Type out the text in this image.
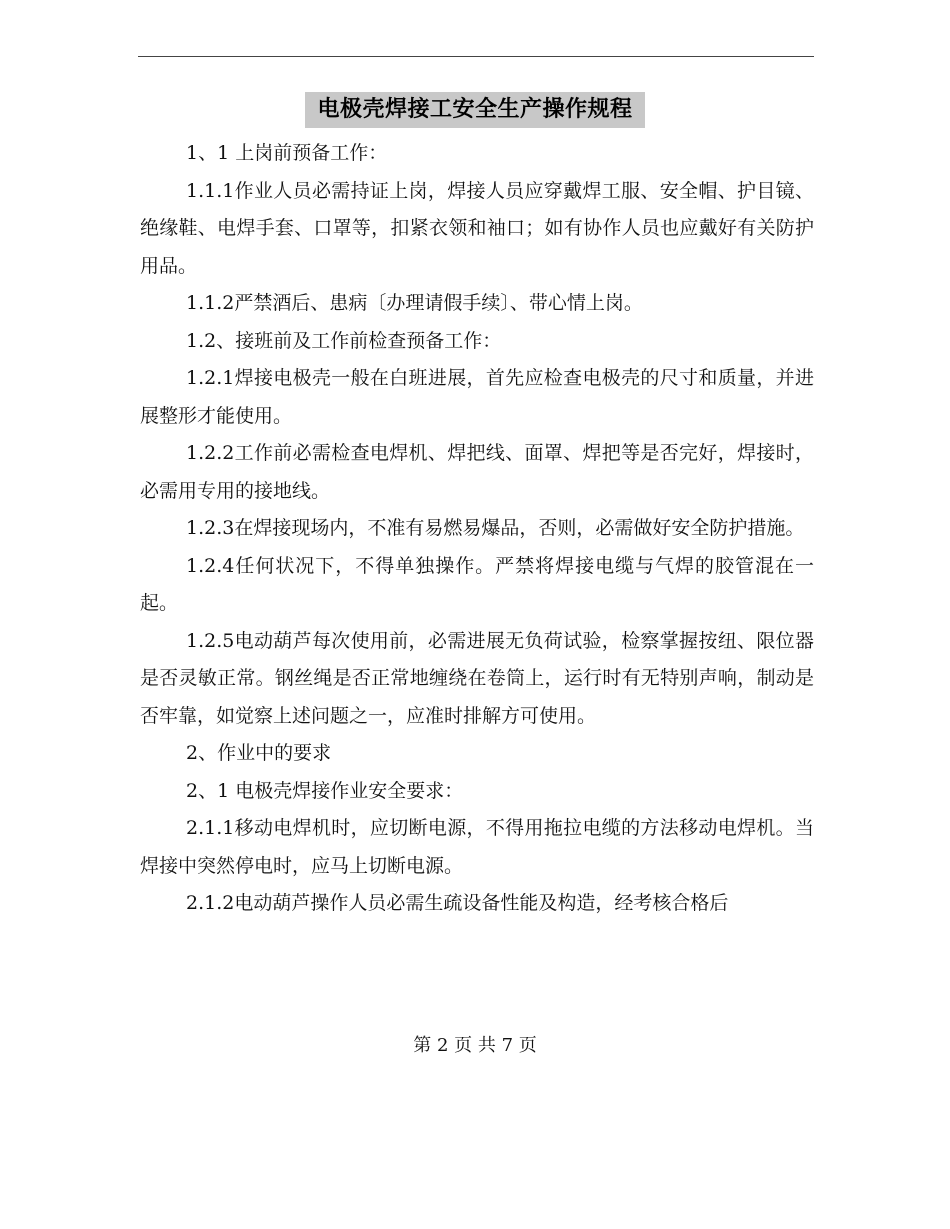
电极壳焊接工安全生产操作规程

1、1 上岗前预备工作：

1.1.1作业人员必需持证上岗，焊接人员应穿戴焊工服、安全帽、护目镜、绝缘鞋、电焊手套、口罩等，扣紧衣领和袖口；如有协作人员也应戴好有关防护用品。

1.1.2严禁酒后、患病〔办理请假手续〕、带心情上岗。

1.2、接班前及工作前检查预备工作：

1.2.1焊接电极壳一般在白班进展，首先应检查电极壳的尺寸和质量，并进展整形才能使用。

1.2.2工作前必需检查电焊机、焊把线、面罩、焊把等是否完好，焊接时，必需用专用的接地线。

1.2.3在焊接现场内，不准有易燃易爆品，否则，必需做好安全防护措施。

1.2.4任何状况下，不得单独操作。严禁将焊接电缆与气焊的胶管混在一起。

1.2.5电动葫芦每次使用前，必需进展无负荷试验，检察掌握按纽、限位器是否灵敏正常。钢丝绳是否正常地缠绕在卷筒上，运行时有无特别声响，制动是否牢靠，如觉察上述问题之一，应准时排解方可使用。

2、作业中的要求

2、1 电极壳焊接作业安全要求：

2.1.1移动电焊机时，应切断电源，不得用拖拉电缆的方法移动电焊机。当焊接中突然停电时，应马上切断电源。

2.1.2电动葫芦操作人员必需生疏设备性能及构造，经考核合格后

第 2 页 共 7 页
